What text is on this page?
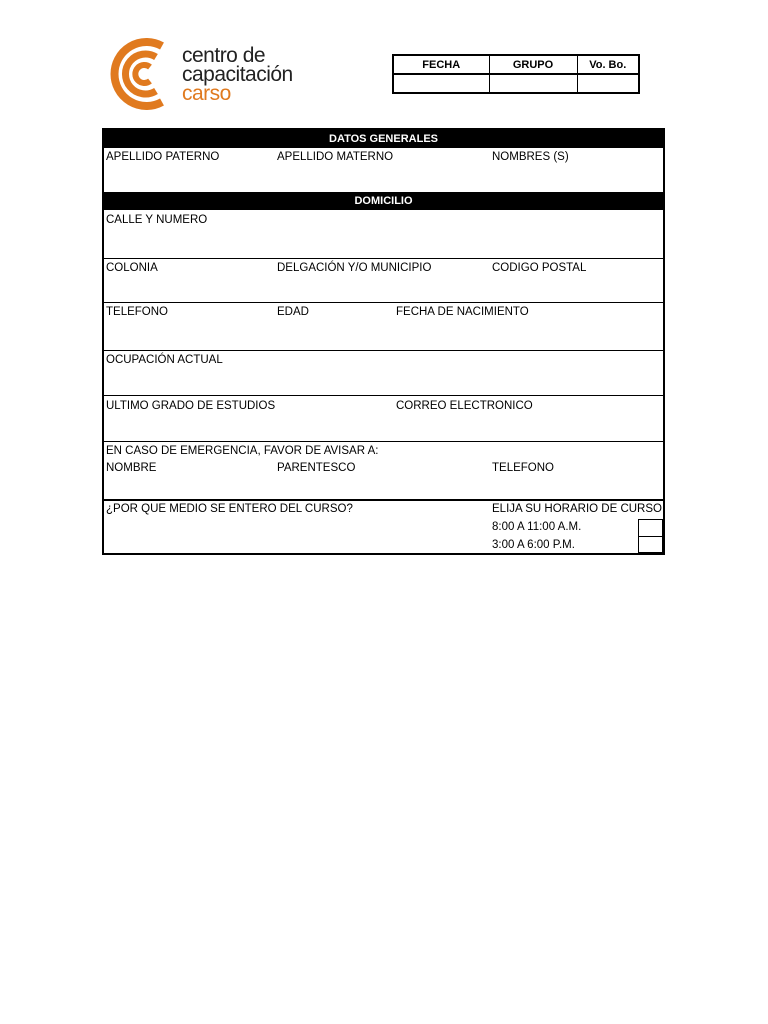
centro de
capacitación
carso
FECHA	GRUPO	Vo. Bo.

DATOS GENERALES
APELLIDO PATERNO	APELLIDO MATERNO	NOMBRES (S)
DOMICILIO
CALLE Y NUMERO
COLONIA	DELGACIÓN Y/O MUNICIPIO	CODIGO POSTAL
TELEFONO	EDAD	FECHA DE NACIMIENTO
OCUPACIÓN ACTUAL
ULTIMO GRADO DE ESTUDIOS	CORREO ELECTRONICO
EN CASO DE EMERGENCIA, FAVOR DE AVISAR A:
NOMBRE	PARENTESCO	TELEFONO
¿POR QUE MEDIO SE ENTERO DEL CURSO?	ELIJA SU HORARIO DE CURSO
8:00 A 11:00 A.M.
3:00 A 6:00 P.M.
